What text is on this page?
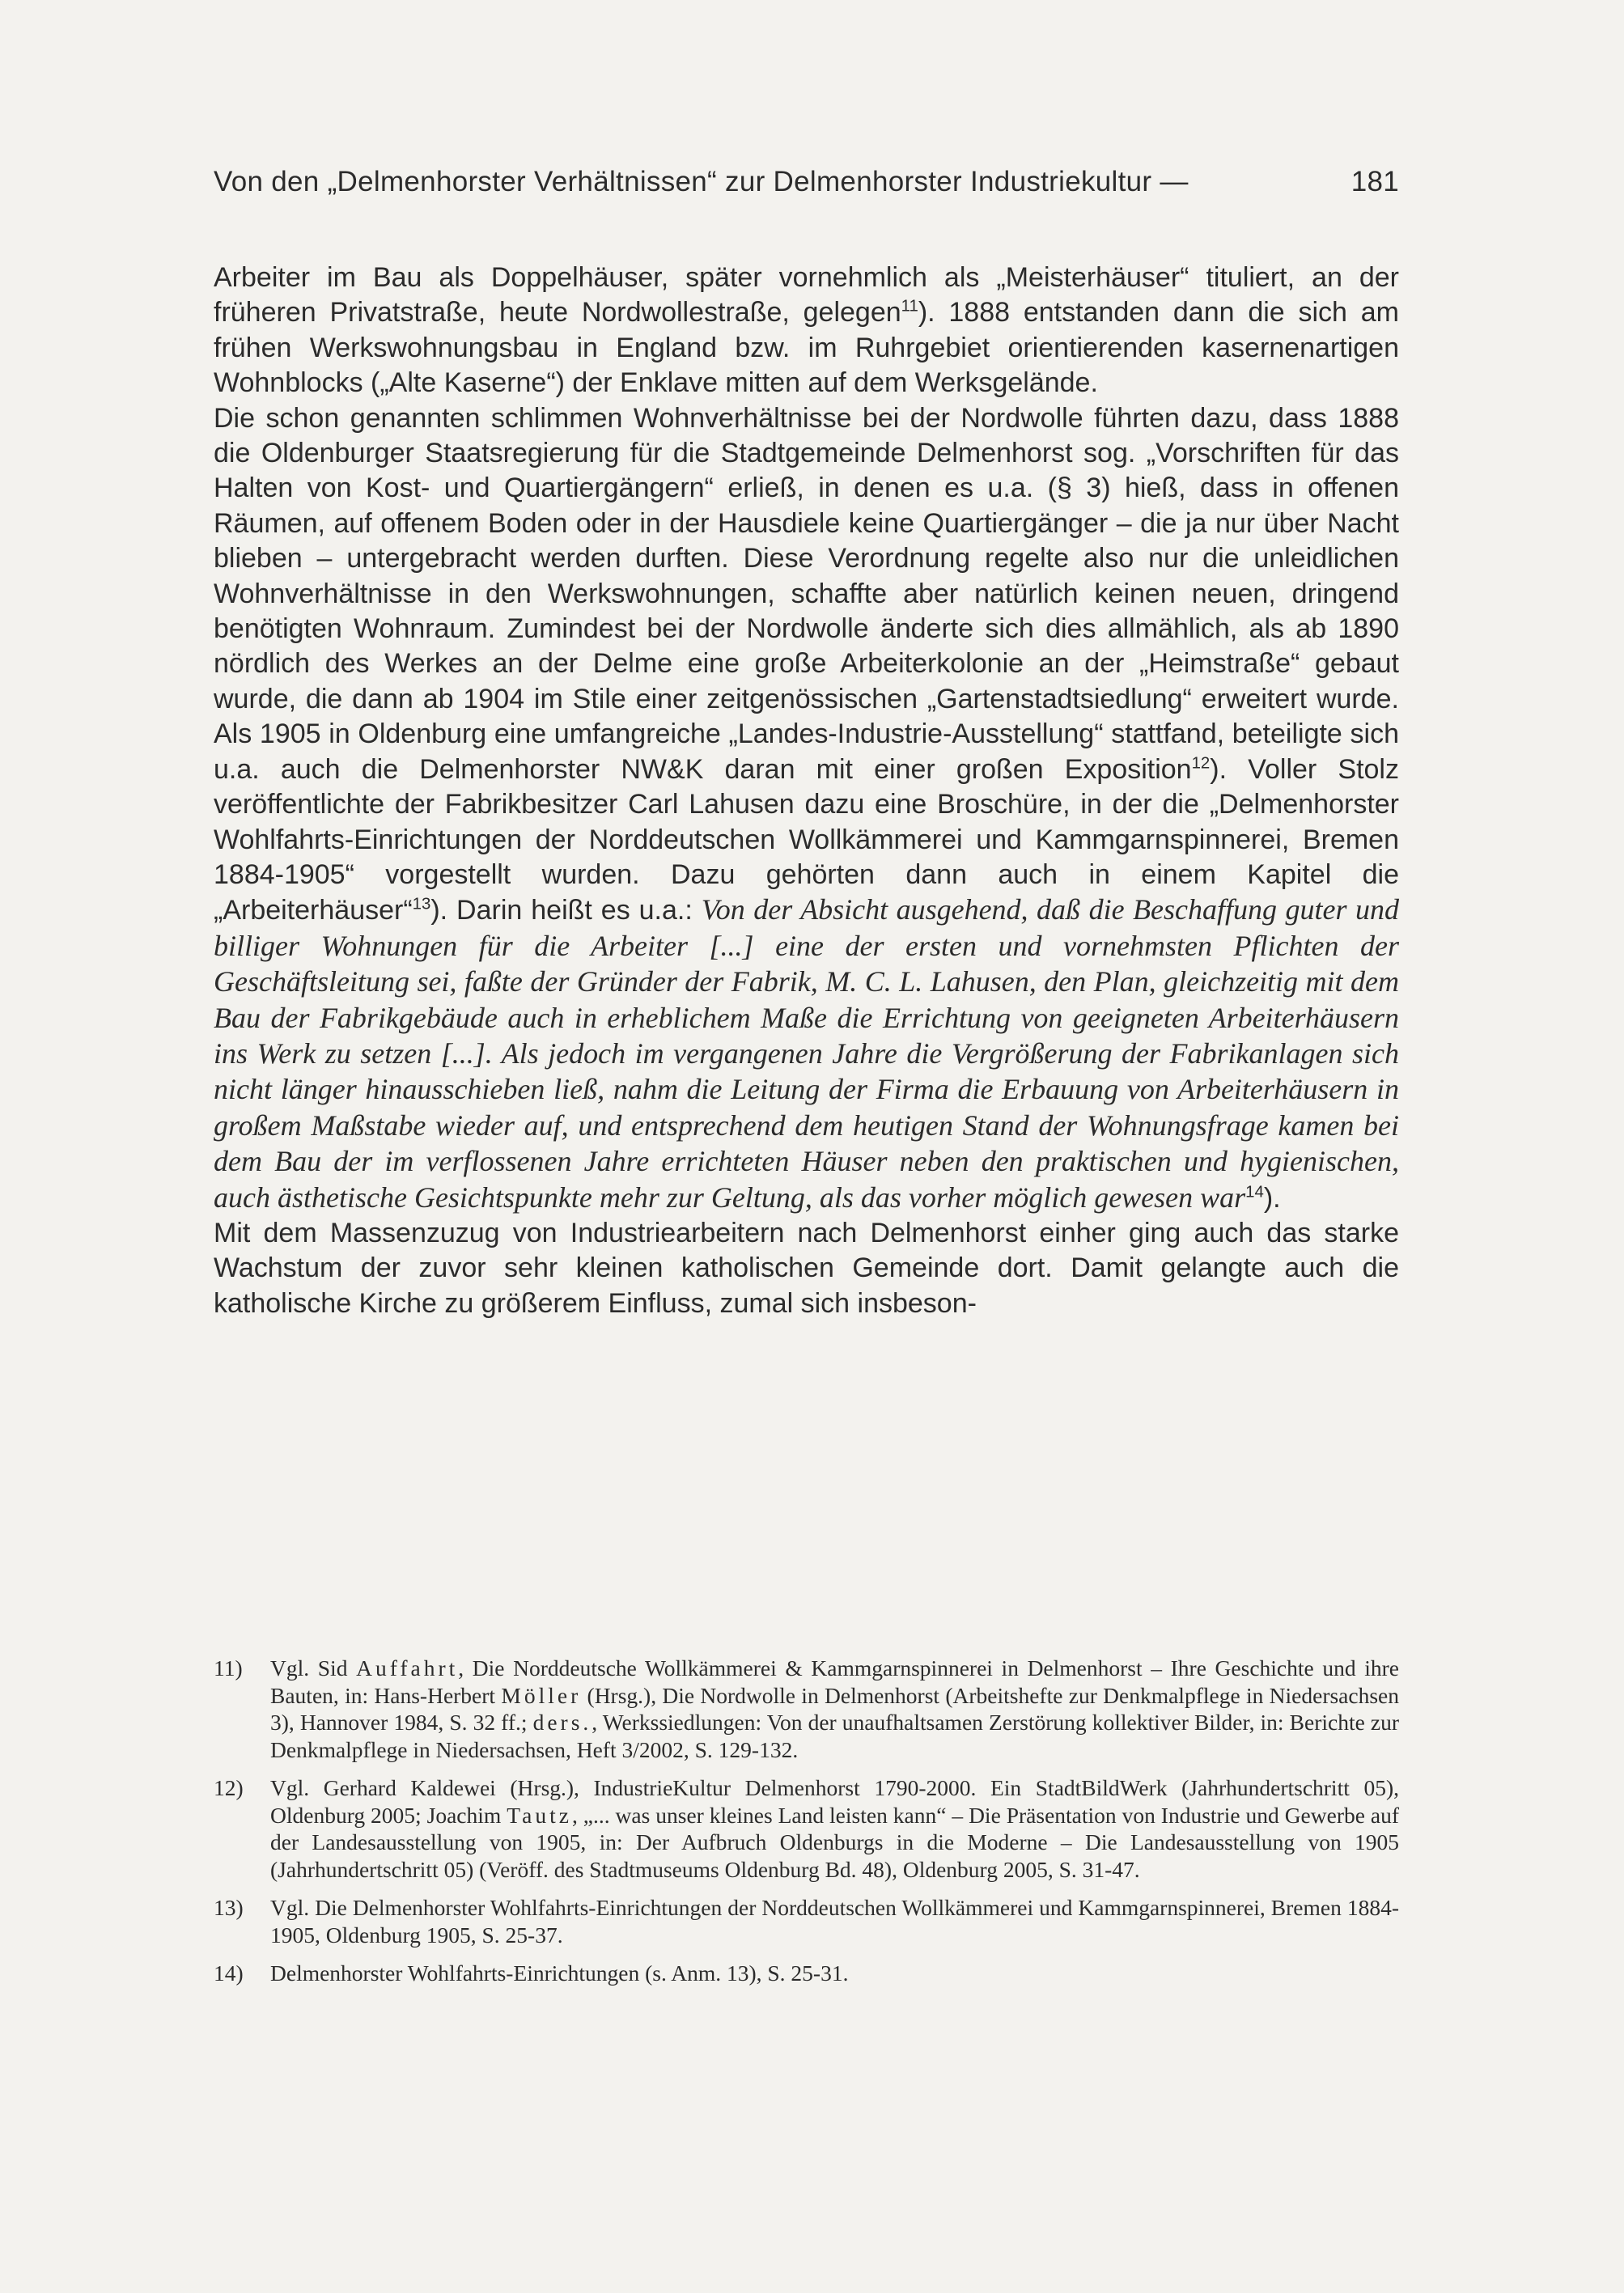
Von den „Delmenhorster Verhältnissen“ zur Delmenhorster Industriekultur —	181

Arbeiter im Bau als Doppelhäuser, später vornehmlich als „Meisterhäuser“ tituliert, an der früheren Privatstraße, heute Nordwollestraße, gelegen$^{11}$). 1888 entstanden dann die sich am frühen Werkswohnungsbau in England bzw. im Ruhrgebiet orientierenden kasernenartigen Wohnblocks („Alte Kaserne“) der Enklave mitten auf dem Werksgelände.

Die schon genannten schlimmen Wohnverhältnisse bei der Nordwolle führten dazu, dass 1888 die Oldenburger Staatsregierung für die Stadtgemeinde Delmenhorst sog. „Vorschriften für das Halten von Kost- und Quartiergängern“ erließ, in denen es u.a. (§ 3) hieß, dass in offenen Räumen, auf offenem Boden oder in der Hausdiele keine Quartiergänger – die ja nur über Nacht blieben – untergebracht werden durften. Diese Verordnung regelte also nur die unleidlichen Wohnverhältnisse in den Werkswohnungen, schaffte aber natürlich keinen neuen, dringend benötigten Wohnraum. Zumindest bei der Nordwolle änderte sich dies allmählich, als ab 1890 nördlich des Werkes an der Delme eine große Arbeiterkolonie an der „Heimstraße“ gebaut wurde, die dann ab 1904 im Stile einer zeitgenössischen „Gartenstadtsiedlung“ erweitert wurde. Als 1905 in Oldenburg eine umfangreiche „Landes-Industrie-Ausstellung“ stattfand, beteiligte sich u.a. auch die Delmenhorster NW&K daran mit einer großen Exposition$^{12}$). Voller Stolz veröffentlichte der Fabrikbesitzer Carl Lahusen dazu eine Broschüre, in der die „Delmenhorster Wohlfahrts-Einrichtungen der Norddeutschen Wollkämmerei und Kammgarnspinnerei, Bremen 1884-1905“ vorgestellt wurden. Dazu gehörten dann auch in einem Kapitel die „Arbeiterhäuser“$^{13}$). Darin heißt es u.a.: Von der Absicht ausgehend, daß die Beschaffung guter und billiger Wohnungen für die Arbeiter [...] eine der ersten und vornehmsten Pflichten der Geschäftsleitung sei, faßte der Gründer der Fabrik, M. C. L. Lahusen, den Plan, gleichzeitig mit dem Bau der Fabrikgebäude auch in erheblichem Maße die Errichtung von geeigneten Arbeiterhäusern ins Werk zu setzen [...]. Als jedoch im vergangenen Jahre die Vergrößerung der Fabrikanlagen sich nicht länger hinausschieben ließ, nahm die Leitung der Firma die Erbauung von Arbeiterhäusern in großem Maßstabe wieder auf, und entsprechend dem heutigen Stand der Wohnungsfrage kamen bei dem Bau der im verflossenen Jahre errichteten Häuser neben den praktischen und hygienischen, auch ästhetische Gesichtspunkte mehr zur Geltung, als das vorher möglich gewesen war$^{14}$).

Mit dem Massenzuzug von Industriearbeitern nach Delmenhorst einher ging auch das starke Wachstum der zuvor sehr kleinen katholischen Gemeinde dort. Damit gelangte auch die katholische Kirche zu größerem Einfluss, zumal sich insbeson-

11)	Vgl. Sid Auffahrt, Die Norddeutsche Wollkämmerei & Kammgarnspinnerei in Delmenhorst – Ihre Geschichte und ihre Bauten, in: Hans-Herbert Möller (Hrsg.), Die Nordwolle in Delmenhorst (Arbeitshefte zur Denkmalpflege in Niedersachsen 3), Hannover 1984, S. 32 ff.; ders., Werkssiedlungen: Von der unaufhaltsamen Zerstörung kollektiver Bilder, in: Berichte zur Denkmalpflege in Niedersachsen, Heft 3/2002, S. 129-132.
12)	Vgl. Gerhard Kaldewei (Hrsg.), IndustrieKultur Delmenhorst 1790-2000. Ein StadtBildWerk (Jahrhundertschritt 05), Oldenburg 2005; Joachim Tautz, „... was unser kleines Land leisten kann“ – Die Präsentation von Industrie und Gewerbe auf der Landesausstellung von 1905, in: Der Aufbruch Oldenburgs in die Moderne – Die Landesausstellung von 1905 (Jahrhundertschritt 05) (Veröff. des Stadtmuseums Oldenburg Bd. 48), Oldenburg 2005, S. 31-47.
13)	Vgl. Die Delmenhorster Wohlfahrts-Einrichtungen der Norddeutschen Wollkämmerei und Kammgarnspinnerei, Bremen 1884-1905, Oldenburg 1905, S. 25-37.
14)	Delmenhorster Wohlfahrts-Einrichtungen (s. Anm. 13), S. 25-31.
